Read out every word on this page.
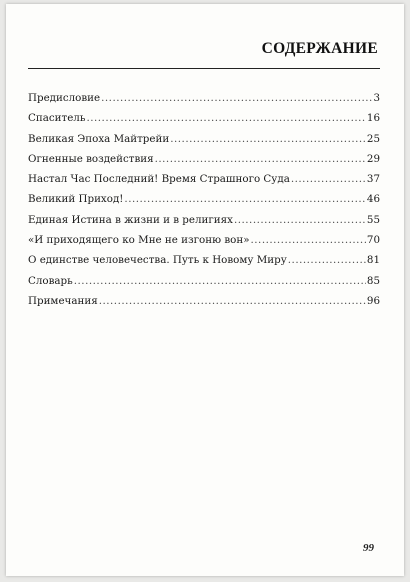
СОДЕРЖАНИЕ
Предисловие .....	3
Спаситель .....	16
Великая Эпоха Майтрейи .....	25
Огненные воздействия .....	29
Настал Час Последний! Время Страшного Суда .....	37
Великий Приход! .....	46
Единая Истина в жизни и в религиях .....	55
«И приходящего ко Мне не изгоню вон» .....	70
О единстве человечества. Путь к Новому Миру .....	81
Словарь .....	85
Примечания .....	96
99
